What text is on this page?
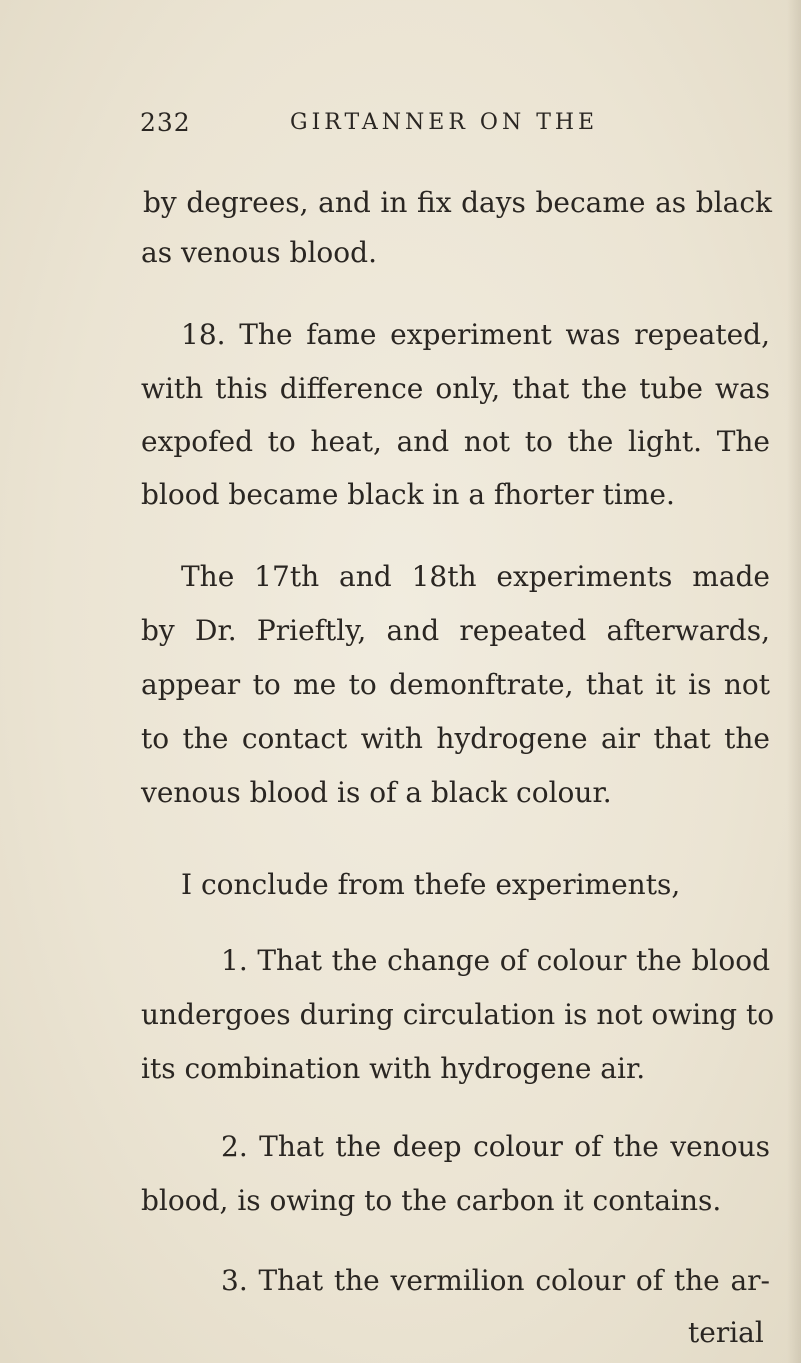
232	GIRTANNER ON THE
by degrees, and in fix days became as black
as venous blood.
18. The fame experiment was repeated,
with this difference only, that the tube was
expofed to heat, and not to the light. The
blood became black in a fhorter time.
The 17th and 18th experiments made
by Dr. Prieftly, and repeated afterwards,
appear to me to demonftrate, that it is not
to the contact with hydrogene air that the
venous blood is of a black colour.
I conclude from thefe experiments,
1. That the change of colour the blood
undergoes during circulation is not owing to
its combination with hydrogene air.
2. That the deep colour of the venous
blood, is owing to the carbon it contains.
3. That the vermilion colour of the ar-
terial
